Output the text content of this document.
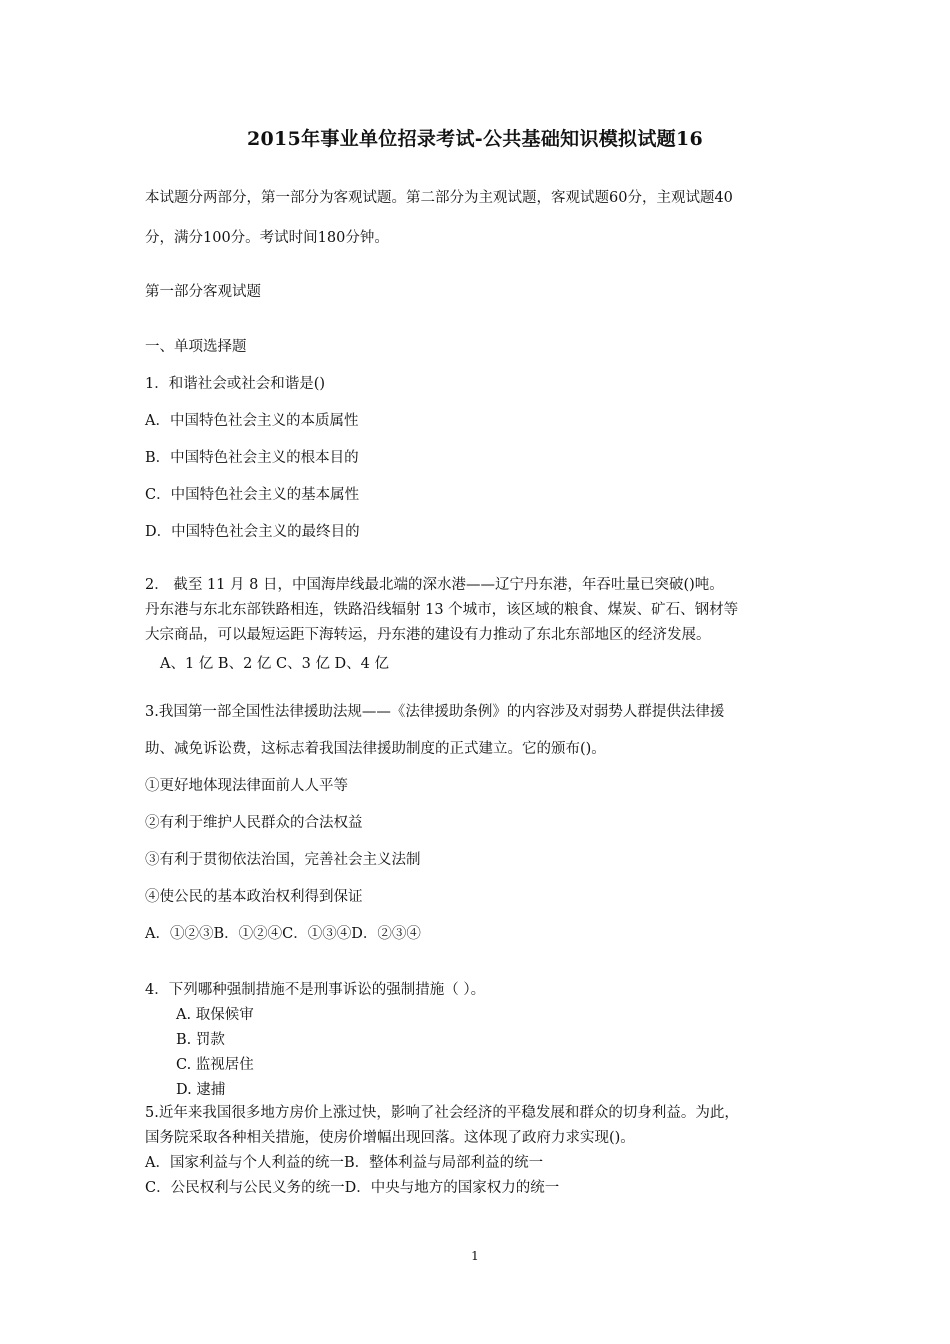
2015年事业单位招录考试-公共基础知识模拟试题16
本试题分两部分，第一部分为客观试题。第二部分为主观试题，客观试题60分，主观试题40
分，满分100分。考试时间180分钟。
第一部分客观试题
一、单项选择题
1．和谐社会或社会和谐是()
A．中国特色社会主义的本质属性
B．中国特色社会主义的根本目的
C．中国特色社会主义的基本属性
D．中国特色社会主义的最终目的
2． 截至 11 月 8 日，中国海岸线最北端的深水港——辽宁丹东港，年吞吐量已突破()吨。
丹东港与东北东部铁路相连，铁路沿线辐射 13 个城市，该区域的粮食、煤炭、矿石、钢材等
大宗商品，可以最短运距下海转运，丹东港的建设有力推动了东北东部地区的经济发展。
A、1 亿 B、2 亿 C、3 亿 D、4 亿
3.我国第一部全国性法律援助法规——《法律援助条例》的内容涉及对弱势人群提供法律援
助、减免诉讼费，这标志着我国法律援助制度的正式建立。它的颁布()。
①更好地体现法律面前人人平等
②有利于维护人民群众的合法权益
③有利于贯彻依法治国，完善社会主义法制
④使公民的基本政治权利得到保证
A．①②③B．①②④C．①③④D．②③④
4．下列哪种强制措施不是刑事诉讼的强制措施（ ）。
A. 取保候审
B. 罚款
C. 监视居住
D. 逮捕
5.近年来我国很多地方房价上涨过快，影响了社会经济的平稳发展和群众的切身利益。为此，
国务院采取各种相关措施，使房价增幅出现回落。这体现了政府力求实现()。
A．国家利益与个人利益的统一B．整体利益与局部利益的统一
C．公民权利与公民义务的统一D．中央与地方的国家权力的统一
1
